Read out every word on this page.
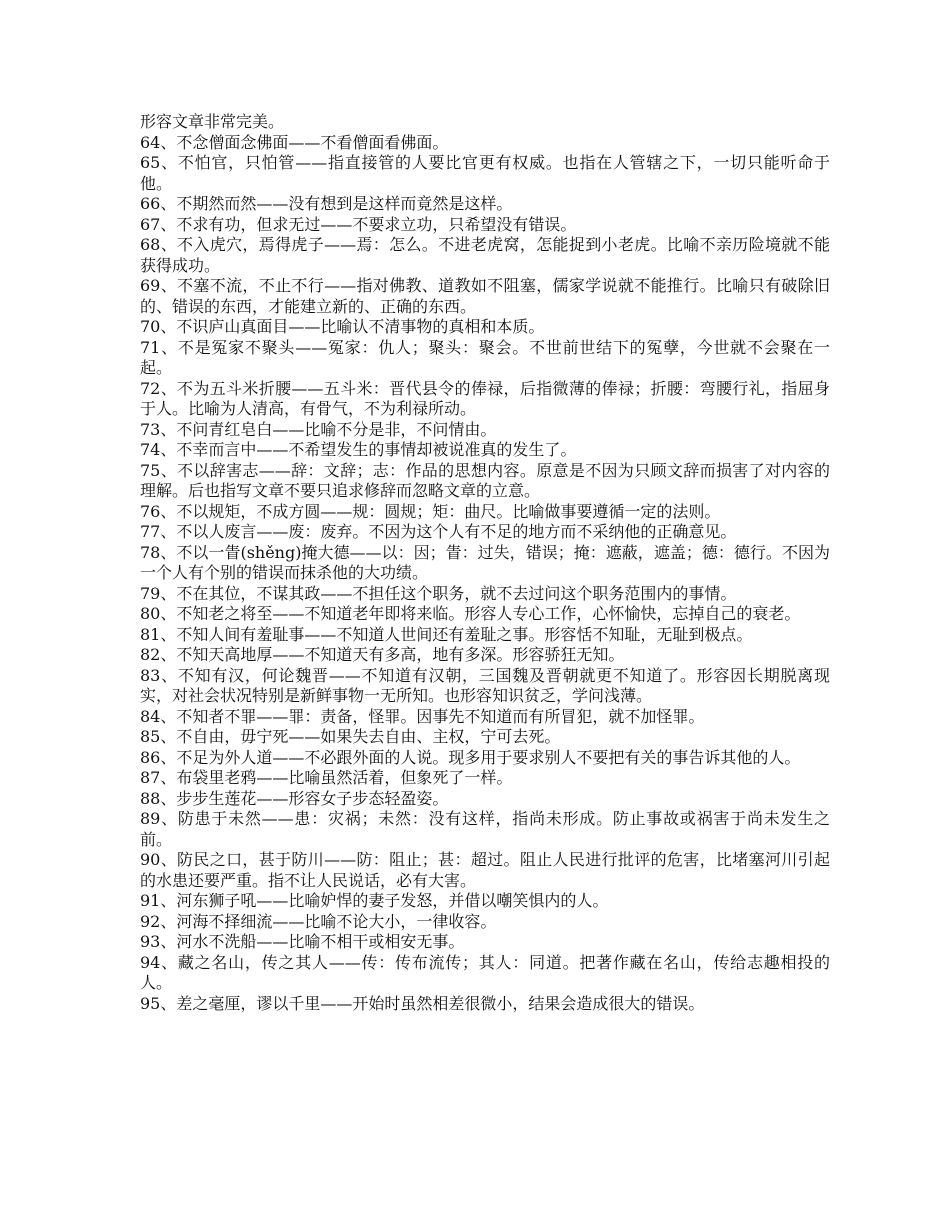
形容文章非常完美。

64、不念僧面念佛面——不看僧面看佛面。

65、不怕官，只怕管——指直接管的人要比官更有权威。也指在人管辖之下，一切只能听命于他。

66、不期然而然——没有想到是这样而竟然是这样。

67、不求有功，但求无过——不要求立功，只希望没有错误。

68、不入虎穴，焉得虎子——焉：怎么。不进老虎窝，怎能捉到小老虎。比喻不亲历险境就不能获得成功。

69、不塞不流，不止不行——指对佛教、道教如不阻塞，儒家学说就不能推行。比喻只有破除旧的、错误的东西，才能建立新的、正确的东西。

70、不识庐山真面目——比喻认不清事物的真相和本质。

71、不是冤家不聚头——冤家：仇人；聚头：聚会。不世前世结下的冤孽，今世就不会聚在一起。

72、不为五斗米折腰——五斗米：晋代县令的俸禄，后指微薄的俸禄；折腰：弯腰行礼，指屈身于人。比喻为人清高，有骨气，不为利禄所动。

73、不问青红皂白——比喻不分是非，不问情由。

74、不幸而言中——不希望发生的事情却被说准真的发生了。

75、不以辞害志——辞：文辞；志：作品的思想内容。原意是不因为只顾文辞而损害了对内容的理解。后也指写文章不要只追求修辞而忽略文章的立意。

76、不以规矩，不成方圆——规：圆规；矩：曲尺。比喻做事要遵循一定的法则。

77、不以人废言——废：废弃。不因为这个人有不足的地方而不采纳他的正确意见。

78、不以一眚(shěng)掩大德——以：因；眚：过失，错误；掩：遮蔽，遮盖；德：德行。不因为一个人有个别的错误而抹杀他的大功绩。

79、不在其位，不谋其政——不担任这个职务，就不去过问这个职务范围内的事情。

80、不知老之将至——不知道老年即将来临。形容人专心工作，心怀愉快，忘掉自己的衰老。

81、不知人间有羞耻事——不知道人世间还有羞耻之事。形容恬不知耻，无耻到极点。

82、不知天高地厚——不知道天有多高，地有多深。形容骄狂无知。

83、不知有汉，何论魏晋——不知道有汉朝，三国魏及晋朝就更不知道了。形容因长期脱离现实，对社会状况特别是新鲜事物一无所知。也形容知识贫乏，学问浅薄。

84、不知者不罪——罪：责备，怪罪。因事先不知道而有所冒犯，就不加怪罪。

85、不自由，毋宁死——如果失去自由、主权，宁可去死。

86、不足为外人道——不必跟外面的人说。现多用于要求别人不要把有关的事告诉其他的人。

87、布袋里老鸦——比喻虽然活着，但象死了一样。

88、步步生莲花——形容女子步态轻盈姿。

89、防患于未然——患：灾祸；未然：没有这样，指尚未形成。防止事故或祸害于尚未发生之前。

90、防民之口，甚于防川——防：阻止；甚：超过。阻止人民进行批评的危害，比堵塞河川引起的水患还要严重。指不让人民说话，必有大害。

91、河东狮子吼——比喻妒悍的妻子发怒，并借以嘲笑惧内的人。

92、河海不择细流——比喻不论大小，一律收容。

93、河水不洗船——比喻不相干或相安无事。

94、藏之名山，传之其人——传：传布流传；其人：同道。把著作藏在名山，传给志趣相投的人。

95、差之毫厘，谬以千里——开始时虽然相差很微小，结果会造成很大的错误。
